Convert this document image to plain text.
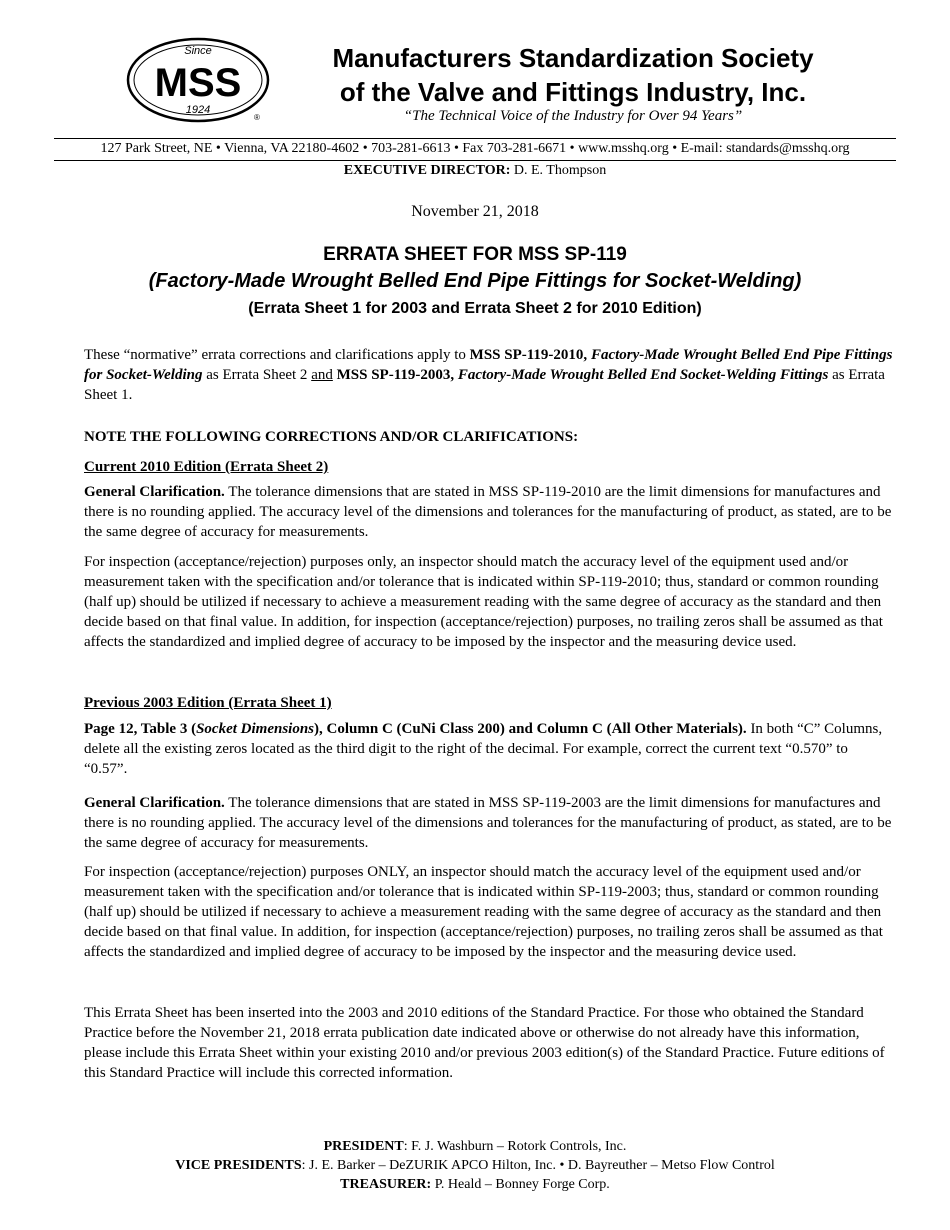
Since
MSS
1924
®
Manufacturers Standardization Society
of the Valve and Fittings Industry, Inc.
“The Technical Voice of the Industry for Over 94 Years”
127 Park Street, NE • Vienna, VA 22180-4602 • 703-281-6613 • Fax 703-281-6671 • www.msshq.org • E-mail: standards@msshq.org
EXECUTIVE DIRECTOR: D. E. Thompson
November 21, 2018
ERRATA SHEET FOR MSS SP-119
(Factory-Made Wrought Belled End Pipe Fittings for Socket-Welding)
(Errata Sheet 1 for 2003 and Errata Sheet 2 for 2010 Edition)

These “normative” errata corrections and clarifications apply to MSS SP-119-2010, Factory-Made Wrought Belled End Pipe Fittings for Socket-Welding as Errata Sheet 2 and MSS SP-119-2003, Factory-Made Wrought Belled End Socket-Welding Fittings as Errata Sheet 1.

NOTE THE FOLLOWING CORRECTIONS AND/OR CLARIFICATIONS:
Current 2010 Edition (Errata Sheet 2)

General Clarification. The tolerance dimensions that are stated in MSS SP-119-2010 are the limit dimensions for manufactures and there is no rounding applied. The accuracy level of the dimensions and tolerances for the manufacturing of product, as stated, are to be the same degree of accuracy for measurements.

For inspection (acceptance/rejection) purposes only, an inspector should match the accuracy level of the equipment used and/or measurement taken with the specification and/or tolerance that is indicated within SP-119-2010; thus, standard or common rounding (half up) should be utilized if necessary to achieve a measurement reading with the same degree of accuracy as the standard and then decide based on that final value. In addition, for inspection (acceptance/rejection) purposes, no trailing zeros shall be assumed as that affects the standardized and implied degree of accuracy to be imposed by the inspector and the measuring device used.
Previous 2003 Edition (Errata Sheet 1)

Page 12, Table 3 (Socket Dimensions), Column C (CuNi Class 200) and Column C (All Other Materials). In both “C” Columns, delete all the existing zeros located as the third digit to the right of the decimal. For example, correct the current text “0.570” to “0.57”.

General Clarification. The tolerance dimensions that are stated in MSS SP-119-2003 are the limit dimensions for manufactures and there is no rounding applied. The accuracy level of the dimensions and tolerances for the manufacturing of product, as stated, are to be the same degree of accuracy for measurements.

For inspection (acceptance/rejection) purposes ONLY, an inspector should match the accuracy level of the equipment used and/or measurement taken with the specification and/or tolerance that is indicated within SP-119-2003; thus, standard or common rounding (half up) should be utilized if necessary to achieve a measurement reading with the same degree of accuracy as the standard and then decide based on that final value. In addition, for inspection (acceptance/rejection) purposes, no trailing zeros shall be assumed as that affects the standardized and implied degree of accuracy to be imposed by the inspector and the measuring device used.
This Errata Sheet has been inserted into the 2003 and 2010 editions of the Standard Practice. For those who obtained the Standard Practice before the November 21, 2018 errata publication date indicated above or otherwise do not already have this information, please include this Errata Sheet within your existing 2010 and/or previous 2003 edition(s) of the Standard Practice. Future editions of this Standard Practice will include this corrected information.
PRESIDENT: F. J. Washburn – Rotork Controls, Inc.
VICE PRESIDENTS: J. E. Barker – DeZURIK APCO Hilton, Inc. • D. Bayreuther – Metso Flow Control
TREASURER: P. Heald – Bonney Forge Corp.
